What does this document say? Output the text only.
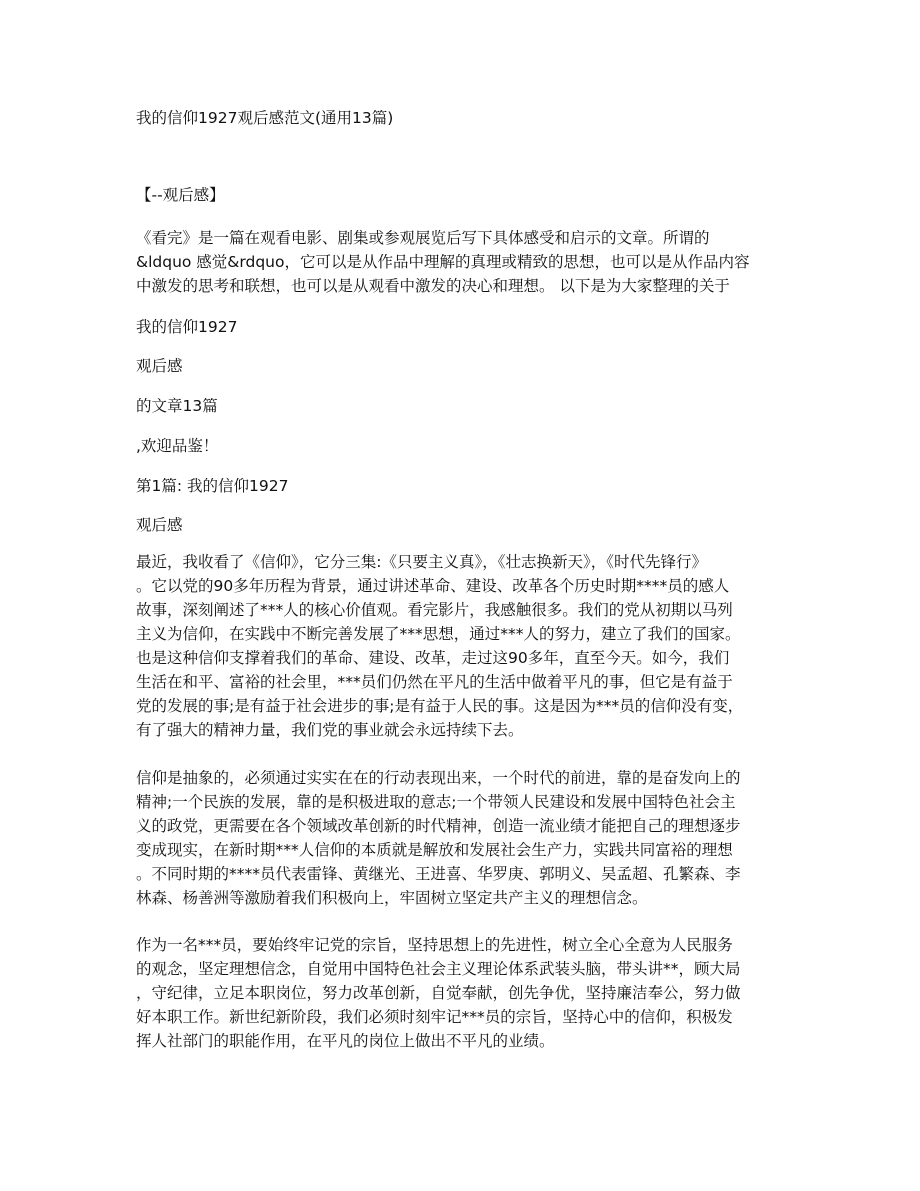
我的信仰1927观后感范文(通用13篇)
【--观后感】
《看完》是一篇在观看电影、剧集或参观展览后写下具体感受和启示的文章。所谓的
&ldquo 感觉&rdquo，它可以是从作品中理解的真理或精致的思想，也可以是从作品内容
中激发的思考和联想，也可以是从观看中激发的决心和理想。 以下是为大家整理的关于
我的信仰1927
观后感
的文章13篇
,欢迎品鉴！
第1篇: 我的信仰1927
观后感
最近，我收看了《信仰》，它分三集:《只要主义真》，《壮志换新天》，《时代先锋行》
。它以党的90多年历程为背景，通过讲述革命、建设、改革各个历史时期****员的感人
故事，深刻阐述了***人的核心价值观。看完影片，我感触很多。我们的党从初期以马列
主义为信仰，在实践中不断完善发展了***思想，通过***人的努力，建立了我们的国家。
也是这种信仰支撑着我们的革命、建设、改革，走过这90多年，直至今天。如今，我们
生活在和平、富裕的社会里，***员们仍然在平凡的生活中做着平凡的事，但它是有益于
党的发展的事;是有益于社会进步的事;是有益于人民的事。这是因为***员的信仰没有变，
有了强大的精神力量，我们党的事业就会永远持续下去。
信仰是抽象的，必须通过实实在在的行动表现出来，一个时代的前进，靠的是奋发向上的
精神;一个民族的发展，靠的是积极进取的意志;一个带领人民建设和发展中国特色社会主
义的政党，更需要在各个领域改革创新的时代精神，创造一流业绩才能把自己的理想逐步
变成现实，在新时期***人信仰的本质就是解放和发展社会生产力，实践共同富裕的理想
。不同时期的****员代表雷锋、黄继光、王进喜、华罗庚、郭明义、吴孟超、孔繁森、李
林森、杨善洲等激励着我们积极向上，牢固树立坚定共产主义的理想信念。
作为一名***员，要始终牢记党的宗旨，坚持思想上的先进性，树立全心全意为人民服务
的观念，坚定理想信念，自觉用中国特色社会主义理论体系武装头脑，带头讲**，顾大局
，守纪律，立足本职岗位，努力改革创新，自觉奉献，创先争优，坚持廉洁奉公，努力做
好本职工作。新世纪新阶段，我们必须时刻牢记***员的宗旨，坚持心中的信仰，积极发
挥人社部门的职能作用，在平凡的岗位上做出不平凡的业绩。
